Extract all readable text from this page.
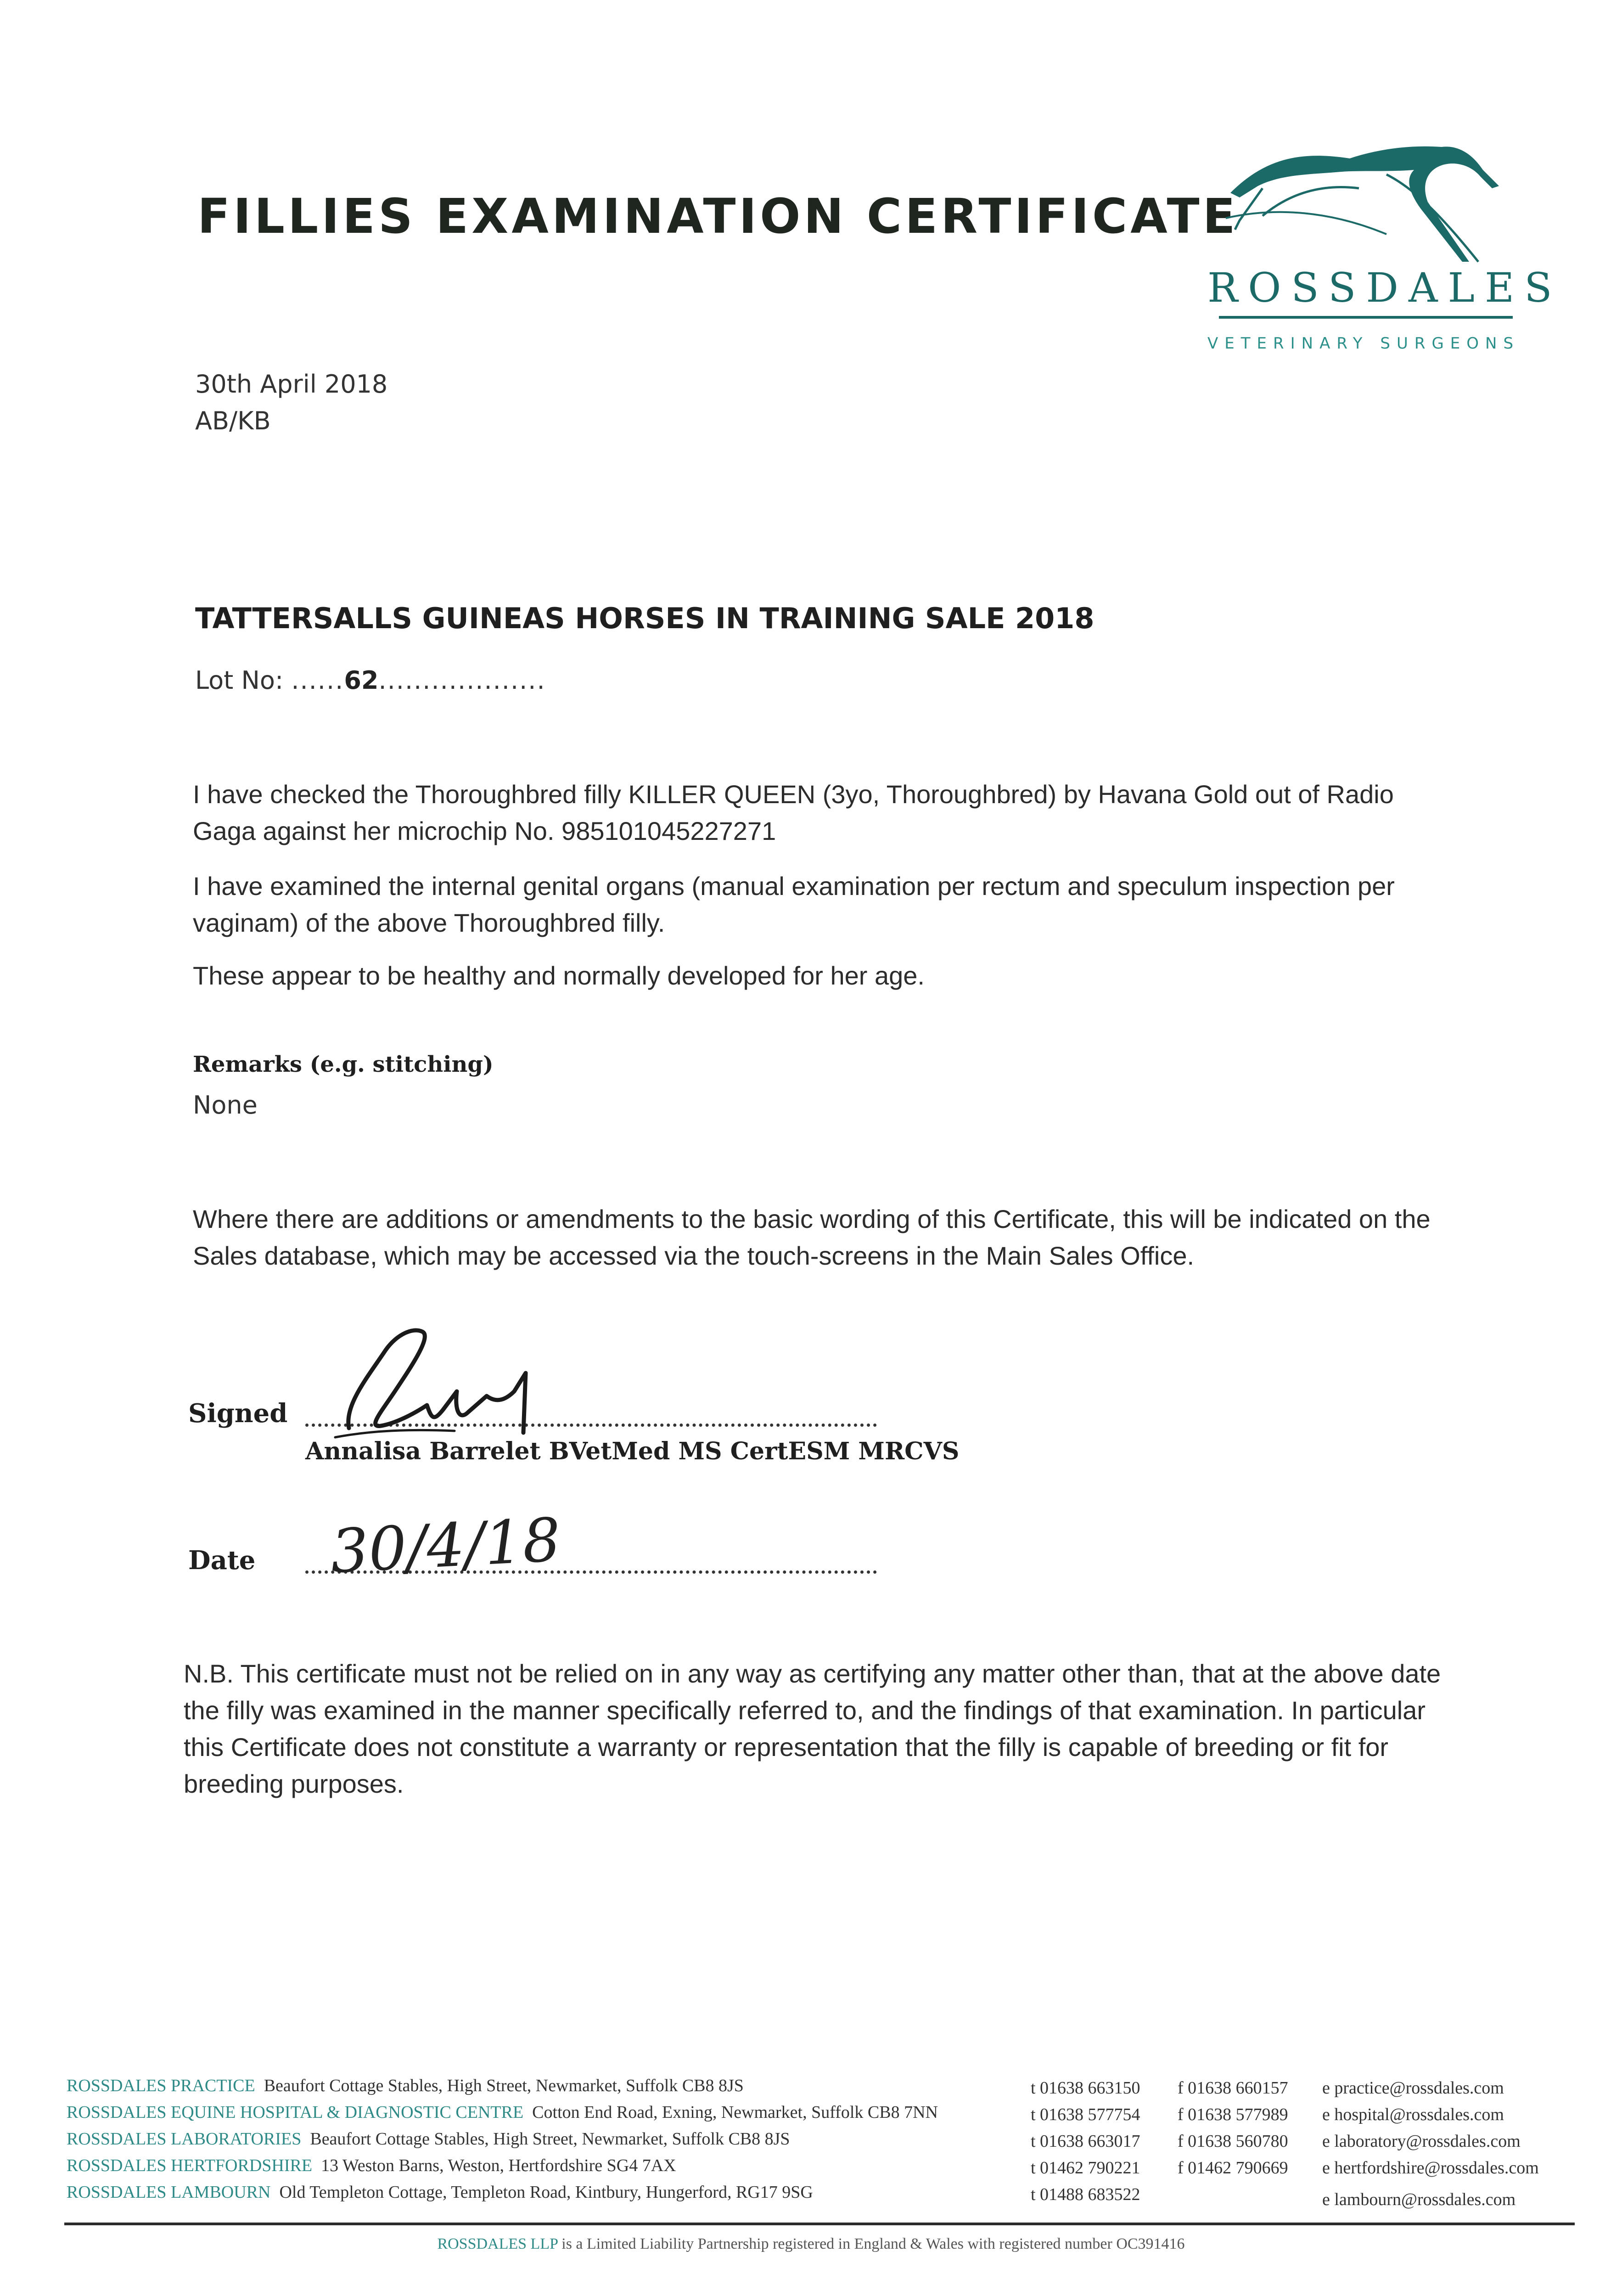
FILLIES EXAMINATION CERTIFICATE
ROSSDALES
VETERINARY SURGEONS
30th April 2018
AB/KB
TATTERSALLS GUINEAS HORSES IN TRAINING SALE 2018
Lot No: ......62...................
I have checked the Thoroughbred filly KILLER QUEEN (3yo, Thoroughbred) by Havana Gold out of Radio Gaga against her microchip No. 985101045227271
I have examined the internal genital organs (manual examination per rectum and speculum inspection per vaginam) of the above Thoroughbred filly.
These appear to be healthy and normally developed for her age.
Remarks (e.g. stitching)
None
Where there are additions or amendments to the basic wording of this Certificate, this will be indicated on the Sales database, which may be accessed via the touch-screens in the Main Sales Office.
Signed
Annalisa Barrelet BVetMed MS CertESM MRCVS
Date 30/4/18
N.B. This certificate must not be relied on in any way as certifying any matter other than, that at the above date the filly was examined in the manner specifically referred to, and the findings of that examination. In particular this Certificate does not constitute a warranty or representation that the filly is capable of breeding or fit for breeding purposes.
ROSSDALES PRACTICE Beaufort Cottage Stables, High Street, Newmarket, Suffolk CB8 8JS
ROSSDALES EQUINE HOSPITAL & DIAGNOSTIC CENTRE Cotton End Road, Exning, Newmarket, Suffolk CB8 7NN
ROSSDALES LABORATORIES Beaufort Cottage Stables, High Street, Newmarket, Suffolk CB8 8JS
ROSSDALES HERTFORDSHIRE 13 Weston Barns, Weston, Hertfordshire SG4 7AX
ROSSDALES LAMBOURN Old Templeton Cottage, Templeton Road, Kintbury, Hungerford, RG17 9SG
t 01638 663150
t 01638 577754
t 01638 663017
t 01462 790221
t 01488 683522
f 01638 660157
f 01638 577989
f 01638 560780
f 01462 790669
e practice@rossdales.com
e hospital@rossdales.com
e laboratory@rossdales.com
e hertfordshire@rossdales.com
e lambourn@rossdales.com
ROSSDALES LLP is a Limited Liability Partnership registered in England & Wales with registered number OC391416
